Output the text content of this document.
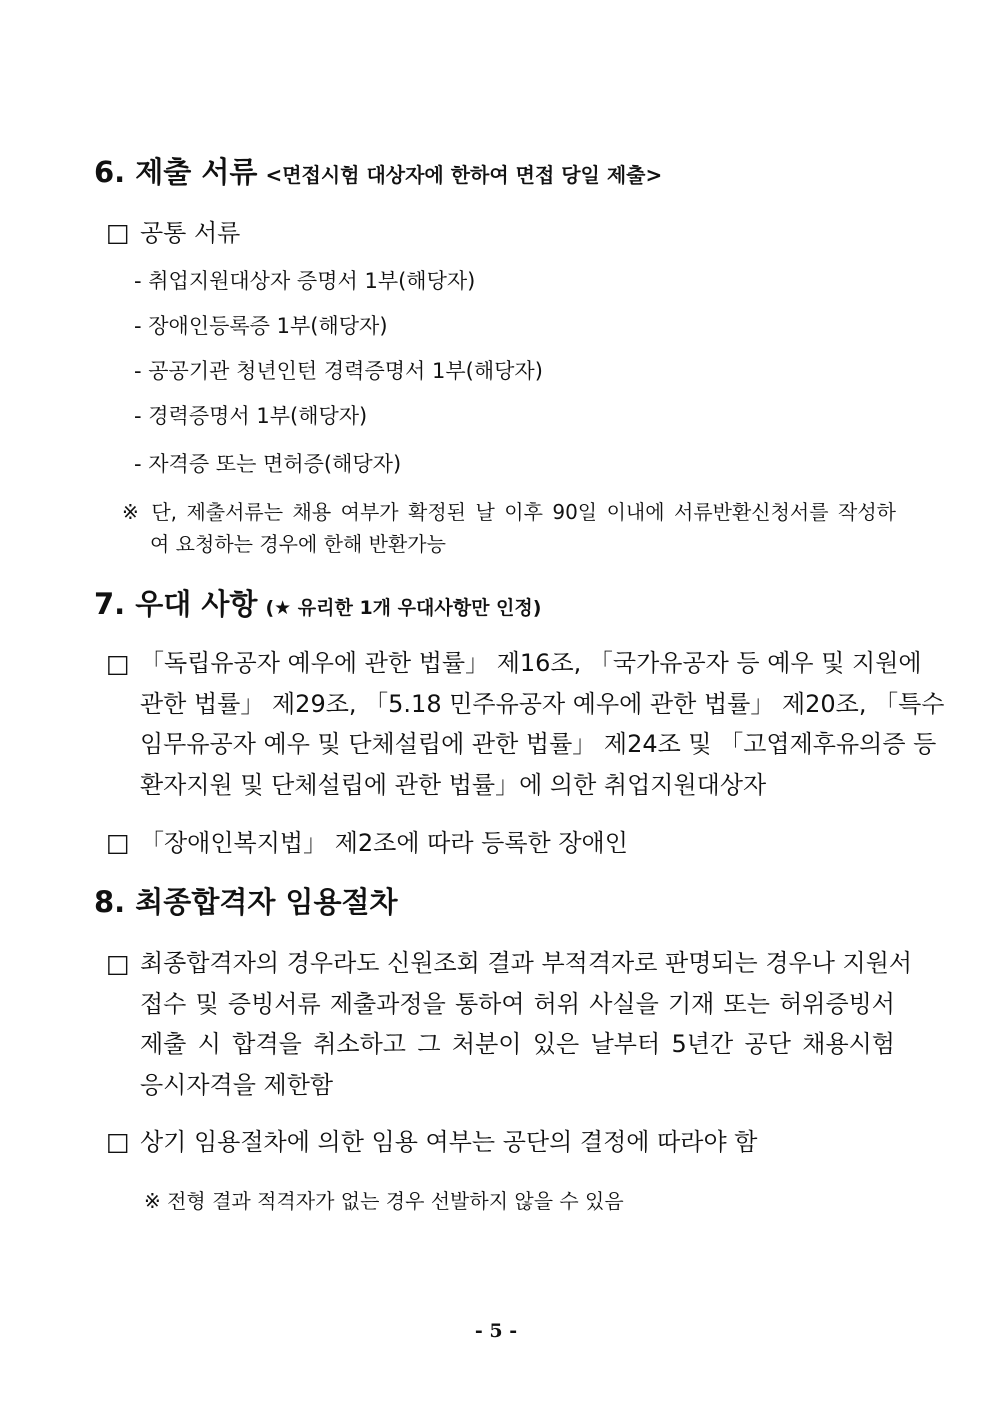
6. 제출 서류 <면접시험 대상자에 한하여 면접 당일 제출>
□ 공통 서류
- 취업지원대상자 증명서 1부(해당자)
- 장애인등록증 1부(해당자)
- 공공기관 청년인턴 경력증명서 1부(해당자)
- 경력증명서 1부(해당자)
- 자격증 또는 면허증(해당자)
※ 단, 제출서류는 채용 여부가 확정된 날 이후 90일 이내에 서류반환신청서를 작성하
여 요청하는 경우에 한해 반환가능
7. 우대 사항 (★ 유리한 1개 우대사항만 인정)
□ 「독립유공자 예우에 관한 법률」 제16조, 「국가유공자 등 예우 및 지원에
관한 법률」 제29조, 「5.18 민주유공자 예우에 관한 법률」 제20조, 「특수
임무유공자 예우 및 단체설립에 관한 법률」 제24조 및 「고엽제후유의증 등
환자지원 및 단체설립에 관한 법률」에 의한 취업지원대상자
□ 「장애인복지법」 제2조에 따라 등록한 장애인
8. 최종합격자 임용절차
□ 최종합격자의 경우라도 신원조회 결과 부적격자로 판명되는 경우나 지원서
접수 및 증빙서류 제출과정을 통하여 허위 사실을 기재 또는 허위증빙서
제출 시 합격을 취소하고 그 처분이 있은 날부터 5년간 공단 채용시험
응시자격을 제한함
□ 상기 임용절차에 의한 임용 여부는 공단의 결정에 따라야 함
※ 전형 결과 적격자가 없는 경우 선발하지 않을 수 있음
- 5 -
